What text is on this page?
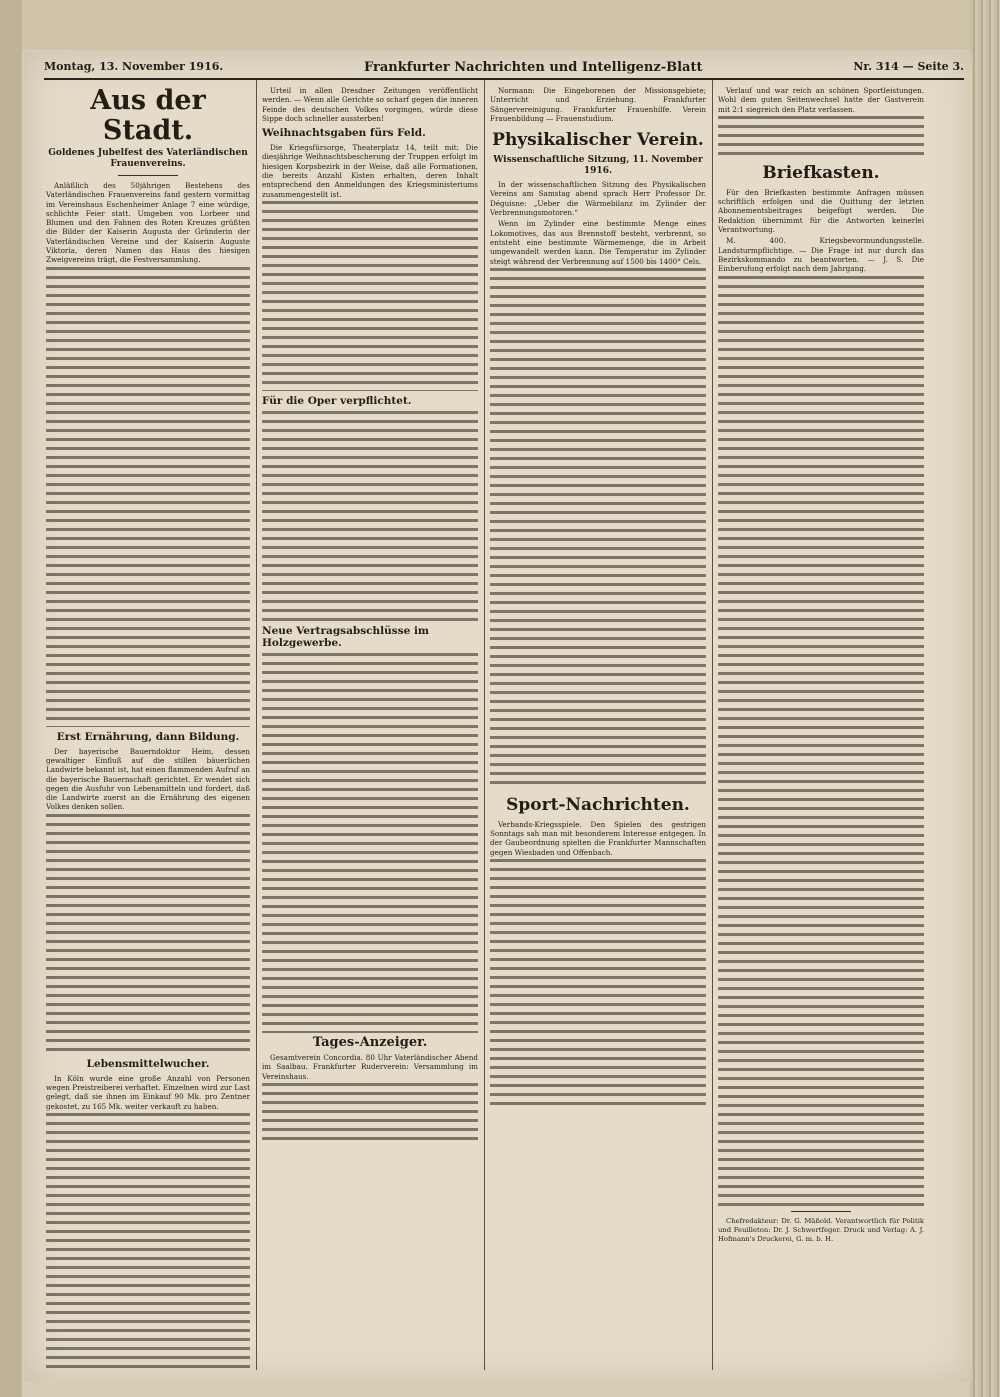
Montag, 13. November 1916.	Frankfurter Nachrichten und Intelligenz-Blatt	Nr. 314 — Seite 3.
Aus der Stadt.
Goldenes Jubelfest des Vaterländischen Frauenvereins.

Anläßlich des 50jährigen Bestehens des Vaterländischen Frauenvereins fand gestern vormittag im Vereinshaus Eschenheimer Anlage 7 eine würdige, schlichte Feier statt. Umgeben von Lorbeer und Blumen und den Fahnen des Roten Kreuzes grüßten die Bilder der Kaiserin Augusta der Gründerin der Vaterländischen Vereine und der Kaiserin Auguste Viktoria, deren Namen das Haus des hiesigen Zweigvereins trägt, die Festversammlung.

Erst Ernährung, dann Bildung.

Der bayerische Bauerndoktor Heim, dessen gewaltiger Einfluß auf die stillen bäuerlichen Landwirte bekannt ist, hat einen flammenden Aufruf an die bayerische Bauernschaft gerichtet. Er wendet sich gegen die Ausfuhr von Lebensmitteln und fordert, daß die Landwirte zuerst an die Ernährung des eigenen Volkes denken sollen.

Lebensmittelwucher.

In Köln wurde eine große Anzahl von Personen wegen Preistreiberei verhaftet. Einzelnen wird zur Last gelegt, daß sie ihnen im Einkauf 90 Mk. pro Zentner gekostet, zu 165 Mk. weiter verkauft zu haben.

Urteil in allen Dresdner Zeitungen veröffentlicht werden. — Wenn alle Gerichte so scharf gegen die inneren Feinde des deutschen Volkes vorgingen, würde diese Sippe doch schneller aussterben!

Weihnachtsgaben fürs Feld.

Die Kriegsfürsorge, Theaterplatz 14, teilt mit: Die diesjährige Weihnachtsbescherung der Truppen erfolgt im hiesigen Korpsbezirk in der Weise, daß alle Formationen, die bereits Anzahl Kisten erhalten, deren Inhalt entsprechend den Anmeldungen des Kriegsministeriums zusammengestellt ist.

Für die Oper verpflichtet.
Neue Vertragsabschlüsse im Holzgewerbe.
Tages-Anzeiger.

Gesamtverein Concordia. 80 Uhr Vaterländischer Abend im Saalbau. Frankfurter Ruderverein: Versammlung im Vereinshaus.

Normann: Die Eingeborenen der Missionsgebiete; Unterricht und Erziehung. Frankfurter Sängervereinigung. Frankfurter Frauenhilfe. Verein Frauenbildung — Frauenstudium.

Physikalischer Verein.
Wissenschaftliche Sitzung, 11. November 1916.

In der wissenschaftlichen Sitzung des Physikalischen Vereins am Samstag abend sprach Herr Professor Dr. Déguisne: „Ueber die Wärmebilanz im Zylinder der Verbrennungsmotoren.“

Wenn im Zylinder eine bestimmte Menge eines Lokomotives, das aus Brennstoff besteht, verbrennt, so entsteht eine bestimmte Wärmemenge, die in Arbeit umgewandelt werden kann. Die Temperatur im Zylinder steigt während der Verbrennung auf 1500 bis 1400° Cels.

Sport-Nachrichten.

Verbands-Kriegsspiele. Den Spielen des gestrigen Sonntags sah man mit besonderem Interesse entgegen. In der Gaubeordnung spielten die Frankfurter Mannschaften gegen Wiesbaden und Offenbach.

Verlauf und war reich an schönen Sportleistungen. Wohl dem guten Seitenwechsel hatte der Gastverein mit 2:1 siegreich den Platz verlassen.

Briefkasten.

Für den Briefkasten bestimmte Anfragen müssen schriftlich erfolgen und die Quittung der letzten Abonnementsbeitrages beigefügt werden. Die Redaktion übernimmt für die Antworten keinerlei Verantwortung.

M. 400. Kriegsbevormundungsstelle. Landsturmpflichtige. — Die Frage ist nur durch das Bezirkskommando zu beantworten. — J. S. Die Einberufung erfolgt nach dem Jahrgang.

Chefredakteur: Dr. G. Mäßold. Verantwortlich für Politik und Feuilleton: Dr. J. Schwertfeger. Druck und Verlag: A. J. Hofmann's Druckerei, G. m. b. H.
